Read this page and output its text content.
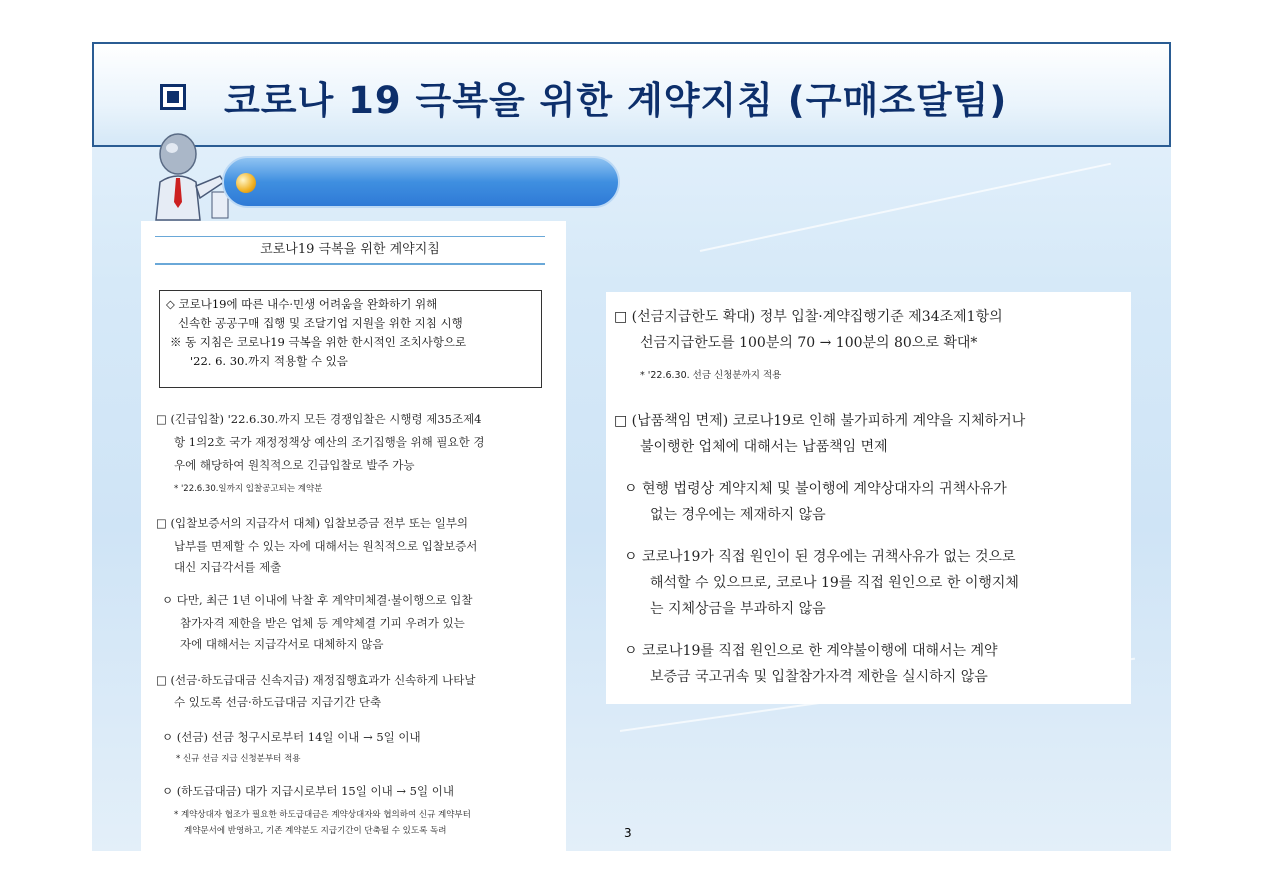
코로나 19 극복을 위한 계약지침 (구매조달팀)
코로나19 극복을 위한 계약지침
◇ 코로나19에 따른 내수·민생 어려움을 완화하기 위해
신속한 공공구매 집행 및 조달기업 지원을 위한 지침 시행
※ 동 지침은 코로나19 극복을 위한 한시적인 조치사항으로
'22. 6. 30.까지 적용할 수 있음
□ (긴급입찰) '22.6.30.까지 모든 경쟁입찰은 시행령 제35조제4
항 1의2호 국가 재정정책상 예산의 조기집행을 위해 필요한 경
우에 해당하여 원칙적으로 긴급입찰로 발주 가능
* '22.6.30.일까지 입찰공고되는 계약분
□ (입찰보증서의 지급각서 대체) 입찰보증금 전부 또는 일부의
납부를 면제할 수 있는 자에 대해서는 원칙적으로 입찰보증서
대신 지급각서를 제출
ㅇ 다만, 최근 1년 이내에 낙찰 후 계약미체결·불이행으로 입찰
참가자격 제한을 받은 업체 등 계약체결 기피 우려가 있는
자에 대해서는 지급각서로 대체하지 않음
□ (선금·하도급대금 신속지급) 재정집행효과가 신속하게 나타날
수 있도록 선금·하도급대금 지급기간 단축
ㅇ (선금) 선금 청구시로부터 14일 이내 → 5일 이내
* 신규 선금 지급 신청분부터 적용
ㅇ (하도급대금) 대가 지급시로부터 15일 이내 → 5일 이내
* 계약상대자 협조가 필요한 하도급대금은 계약상대자와 협의하여 신규 계약부터
계약문서에 반영하고, 기존 계약분도 지급기간이 단축될 수 있도록 독려
□ (선금지급한도 확대) 정부 입찰·계약집행기준 제34조제1항의
선금지급한도를 100분의 70 → 100분의 80으로 확대*
* '22.6.30. 선금 신청분까지 적용
□ (납품책임 면제) 코로나19로 인해 불가피하게 계약을 지체하거나
불이행한 업체에 대해서는 납품책임 면제
ㅇ 현행 법령상 계약지체 및 불이행에 계약상대자의 귀책사유가
없는 경우에는 제재하지 않음
ㅇ 코로나19가 직접 원인이 된 경우에는 귀책사유가 없는 것으로
해석할 수 있으므로, 코로나 19를 직접 원인으로 한 이행지체
는 지체상금을 부과하지 않음
ㅇ 코로나19를 직접 원인으로 한 계약불이행에 대해서는 계약
보증금 국고귀속 및 입찰참가자격 제한을 실시하지 않음
3
